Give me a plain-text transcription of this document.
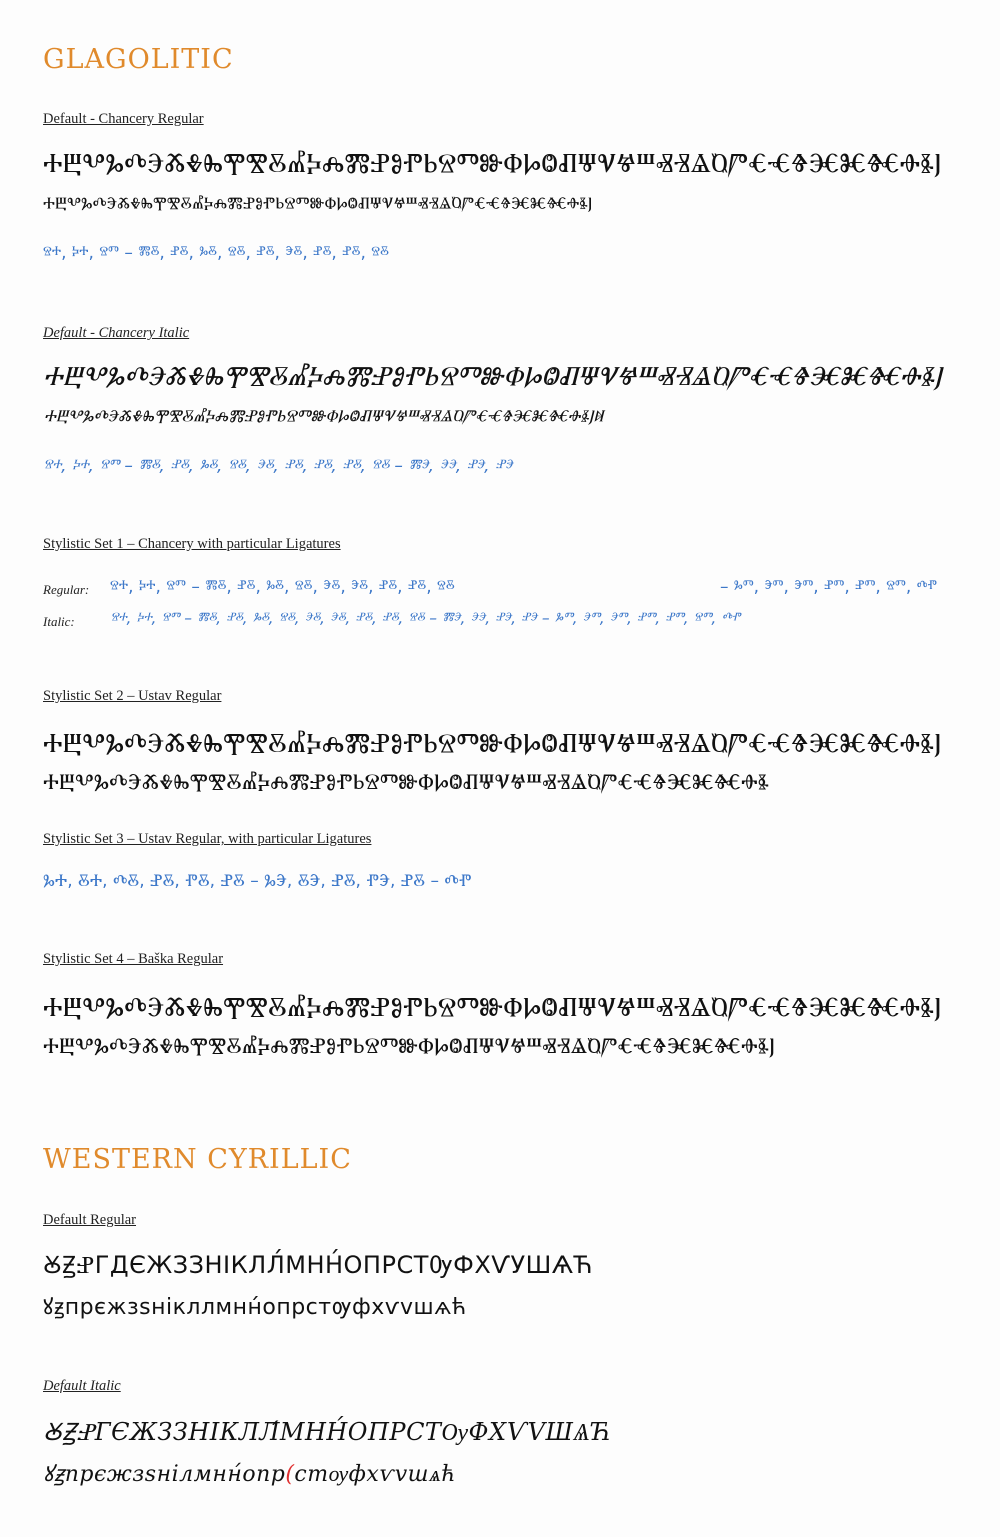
GLAGOLITIC
Default - Chancery Regular
ⰀⰁⰂⰃⰄⰅⰆⰇⰈⰉⰊⰋⰌⰍⰎⰏⰐⰑⰒⰓⰔⰕⰖⰗⰘⰙⰚⰛⰜⰝⰞⰟⰠⰡⰢⰣⰤⰥⰦⰧⰨⰩⰪⰫⰬ
ⰰⰱⰲⰳⰴⰵⰶⰷⰸⰹⰺⰻⰼⰽⰾⰿⱀⱁⱂⱃⱄⱅⱆⱇⱈⱉⱊⱋⱌⱍⱎⱏⱐⱑⱒⱓⱔⱕⱖⱗⱘⱙⱚⱛⱜ
ⱄⰰ, ⰽⰰ, ⱄⱅ – ⰿⰻ, ⱀⰻ, ⰳⰻ, ⱄⰻ, ⱀⰻ, ⰵⰻ, ⱀⰻ, ⱀⰻ, ⱄⰻ
Default - Chancery Italic
ⰀⰁⰂⰃⰄⰅⰆⰇⰈⰉⰊⰋⰌⰍⰎⰏⰐⰑⰒⰓⰔⰕⰖⰗⰘⰙⰚⰛⰜⰝⰞⰟⰠⰡⰢⰣⰤⰥⰦⰧⰨⰩⰪⰫⰬ
ⰰⰱⰲⰳⰴⰵⰶⰷⰸⰹⰺⰻⰼⰽⰾⰿⱀⱁⱂⱃⱄⱅⱆⱇⱈⱉⱊⱋⱌⱍⱎⱏⱐⱑⱒⱓⱔⱕⱖⱗⱘⱙⱚⱛⱜⱝ
ⱄⰰ, ⰽⰰ, ⱄⱅ – ⰿⰻ, ⱀⰻ, ⰳⰻ, ⱄⰻ, ⰵⰻ, ⱀⰻ, ⱀⰻ, ⱀⰻ, ⱄⰻ – ⰿⰵ, ⰵⰵ, ⱀⰵ, ⱀⰵ
Stylistic Set 1 – Chancery with particular Ligatures
Regular: ⱄⰰ, ⰽⰰ, ⱄⱅ – ⰿⰻ, ⱀⰻ, ⰳⰻ, ⱄⰻ, ⰵⰻ, ⰵⰻ, ⱀⰻ, ⱀⰻ, ⱄⰻ	– ⰳⱅ, ⰵⱅ, ⰵⱅ, ⱀⱅ, ⱀⱅ, ⱄⱅ, ⰴⱂ
Italic: ⱄⰰ, ⰽⰰ, ⱄⱅ – ⰿⰻ, ⱀⰻ, ⰳⰻ, ⱄⰻ, ⰵⰻ, ⰵⰻ, ⱀⰻ, ⱀⰻ, ⱄⰻ – ⰿⰵ, ⰵⰵ, ⱀⰵ, ⱀⰵ – ⰳⱅ, ⰵⱅ, ⰵⱅ, ⱀⱅ, ⱀⱅ, ⱄⱅ, ⰴⱂ
Stylistic Set 2 – Ustav Regular
ⰀⰁⰂⰃⰄⰅⰆⰇⰈⰉⰊⰋⰌⰍⰎⰏⰐⰑⰒⰓⰔⰕⰖⰗⰘⰙⰚⰛⰜⰝⰞⰟⰠⰡⰢⰣⰤⰥⰦⰧⰨⰩⰪⰫⰬ
ⰀⰁⰂⰃⰄⰅⰆⰇⰈⰉⰊⰋⰌⰍⰎⰏⰐⰑⰒⰓⰔⰕⰖⰗⰘⰙⰚⰛⰜⰝⰞⰟⰠⰡⰢⰣⰤⰥⰦⰧⰨⰩⰪⰫ
Stylistic Set 3 – Ustav Regular, with particular Ligatures
ⰃⰀ, ⰋⰀ, ⰄⰋ, ⰐⰋ, ⰒⰋ, ⰐⰋ – ⰃⰅ, ⰋⰅ, ⰐⰋ, ⰒⰅ, ⰐⰋ – ⰄⰒ
Stylistic Set 4 – Baška Regular
ⰀⰁⰂⰃⰄⰅⰆⰇⰈⰉⰊⰋⰌⰍⰎⰏⰐⰑⰒⰓⰔⰕⰖⰗⰘⰙⰚⰛⰜⰝⰞⰟⰠⰡⰢⰣⰤⰥⰦⰧⰨⰩⰪⰫⰬ
ⰀⰁⰂⰃⰄⰅⰆⰇⰈⰉⰊⰋⰌⰍⰎⰏⰐⰑⰒⰓⰔⰕⰖⰗⰘⰙⰚⰛⰜⰝⰞⰟⰠⰡⰢⰣⰤⰥⰦⰧⰨⰩⰪⰫⰬ
WESTERN CYRILLIC
Default Regular
ꙊꙂⰐГДЄЖЗЗНІКЛЛ́МНН́ОПРСТѸФХѴУШѦЋ
ꙋꙃпрєжзѕнікллмнн́опрстѹфхѵvшѧћ
Default Italic
ꙊꙂⰐГЄЖЗЗНІКЛЛ́МНН́ОПРСТѸФХѴVШѦЋ
ꙋꙃпрєжзѕнілмнн́опр(стѹфхѵvшѧћ
